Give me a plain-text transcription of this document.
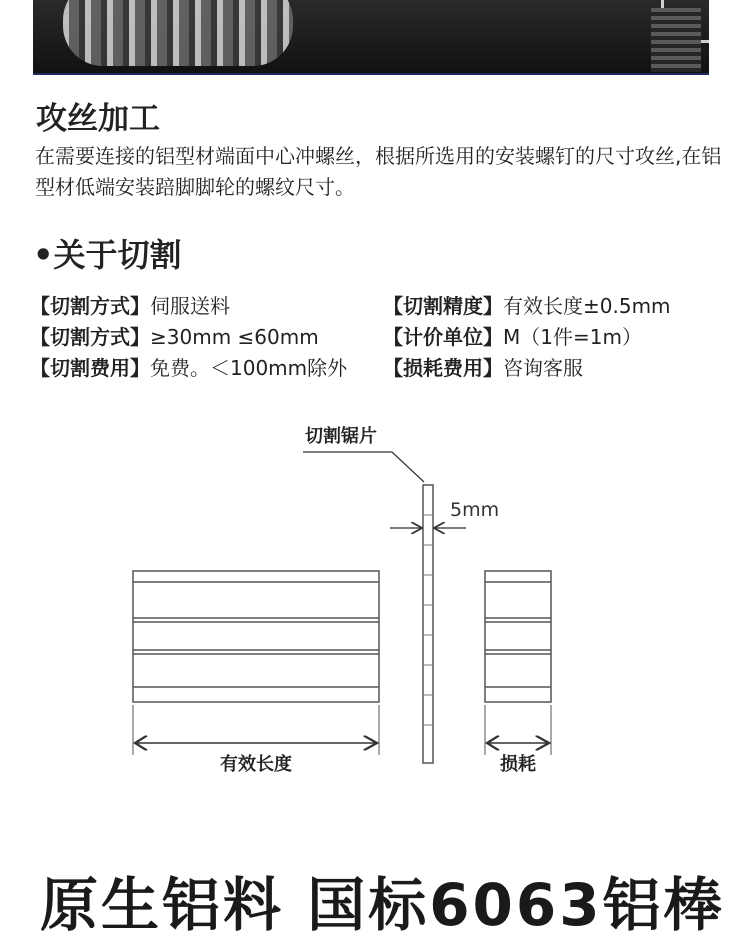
攻丝加工

在需要连接的铝型材端面中心冲螺丝，根据所选用的安装螺钉的尺寸攻丝,在铝型材低端安装踣脚脚轮的螺纹尺寸。

•关于切割
【切割方式】伺服送料	【切割精度】有效长度±0.5mm
【切割方式】≥30mm ≤60mm	【计价单位】M（1件=1m）
【切割费用】免费。＜100mm除外 【损耗费用】咨询客服
切割锯片
5mm
有效长度	损耗
原生铝料 国标6063铝棒
